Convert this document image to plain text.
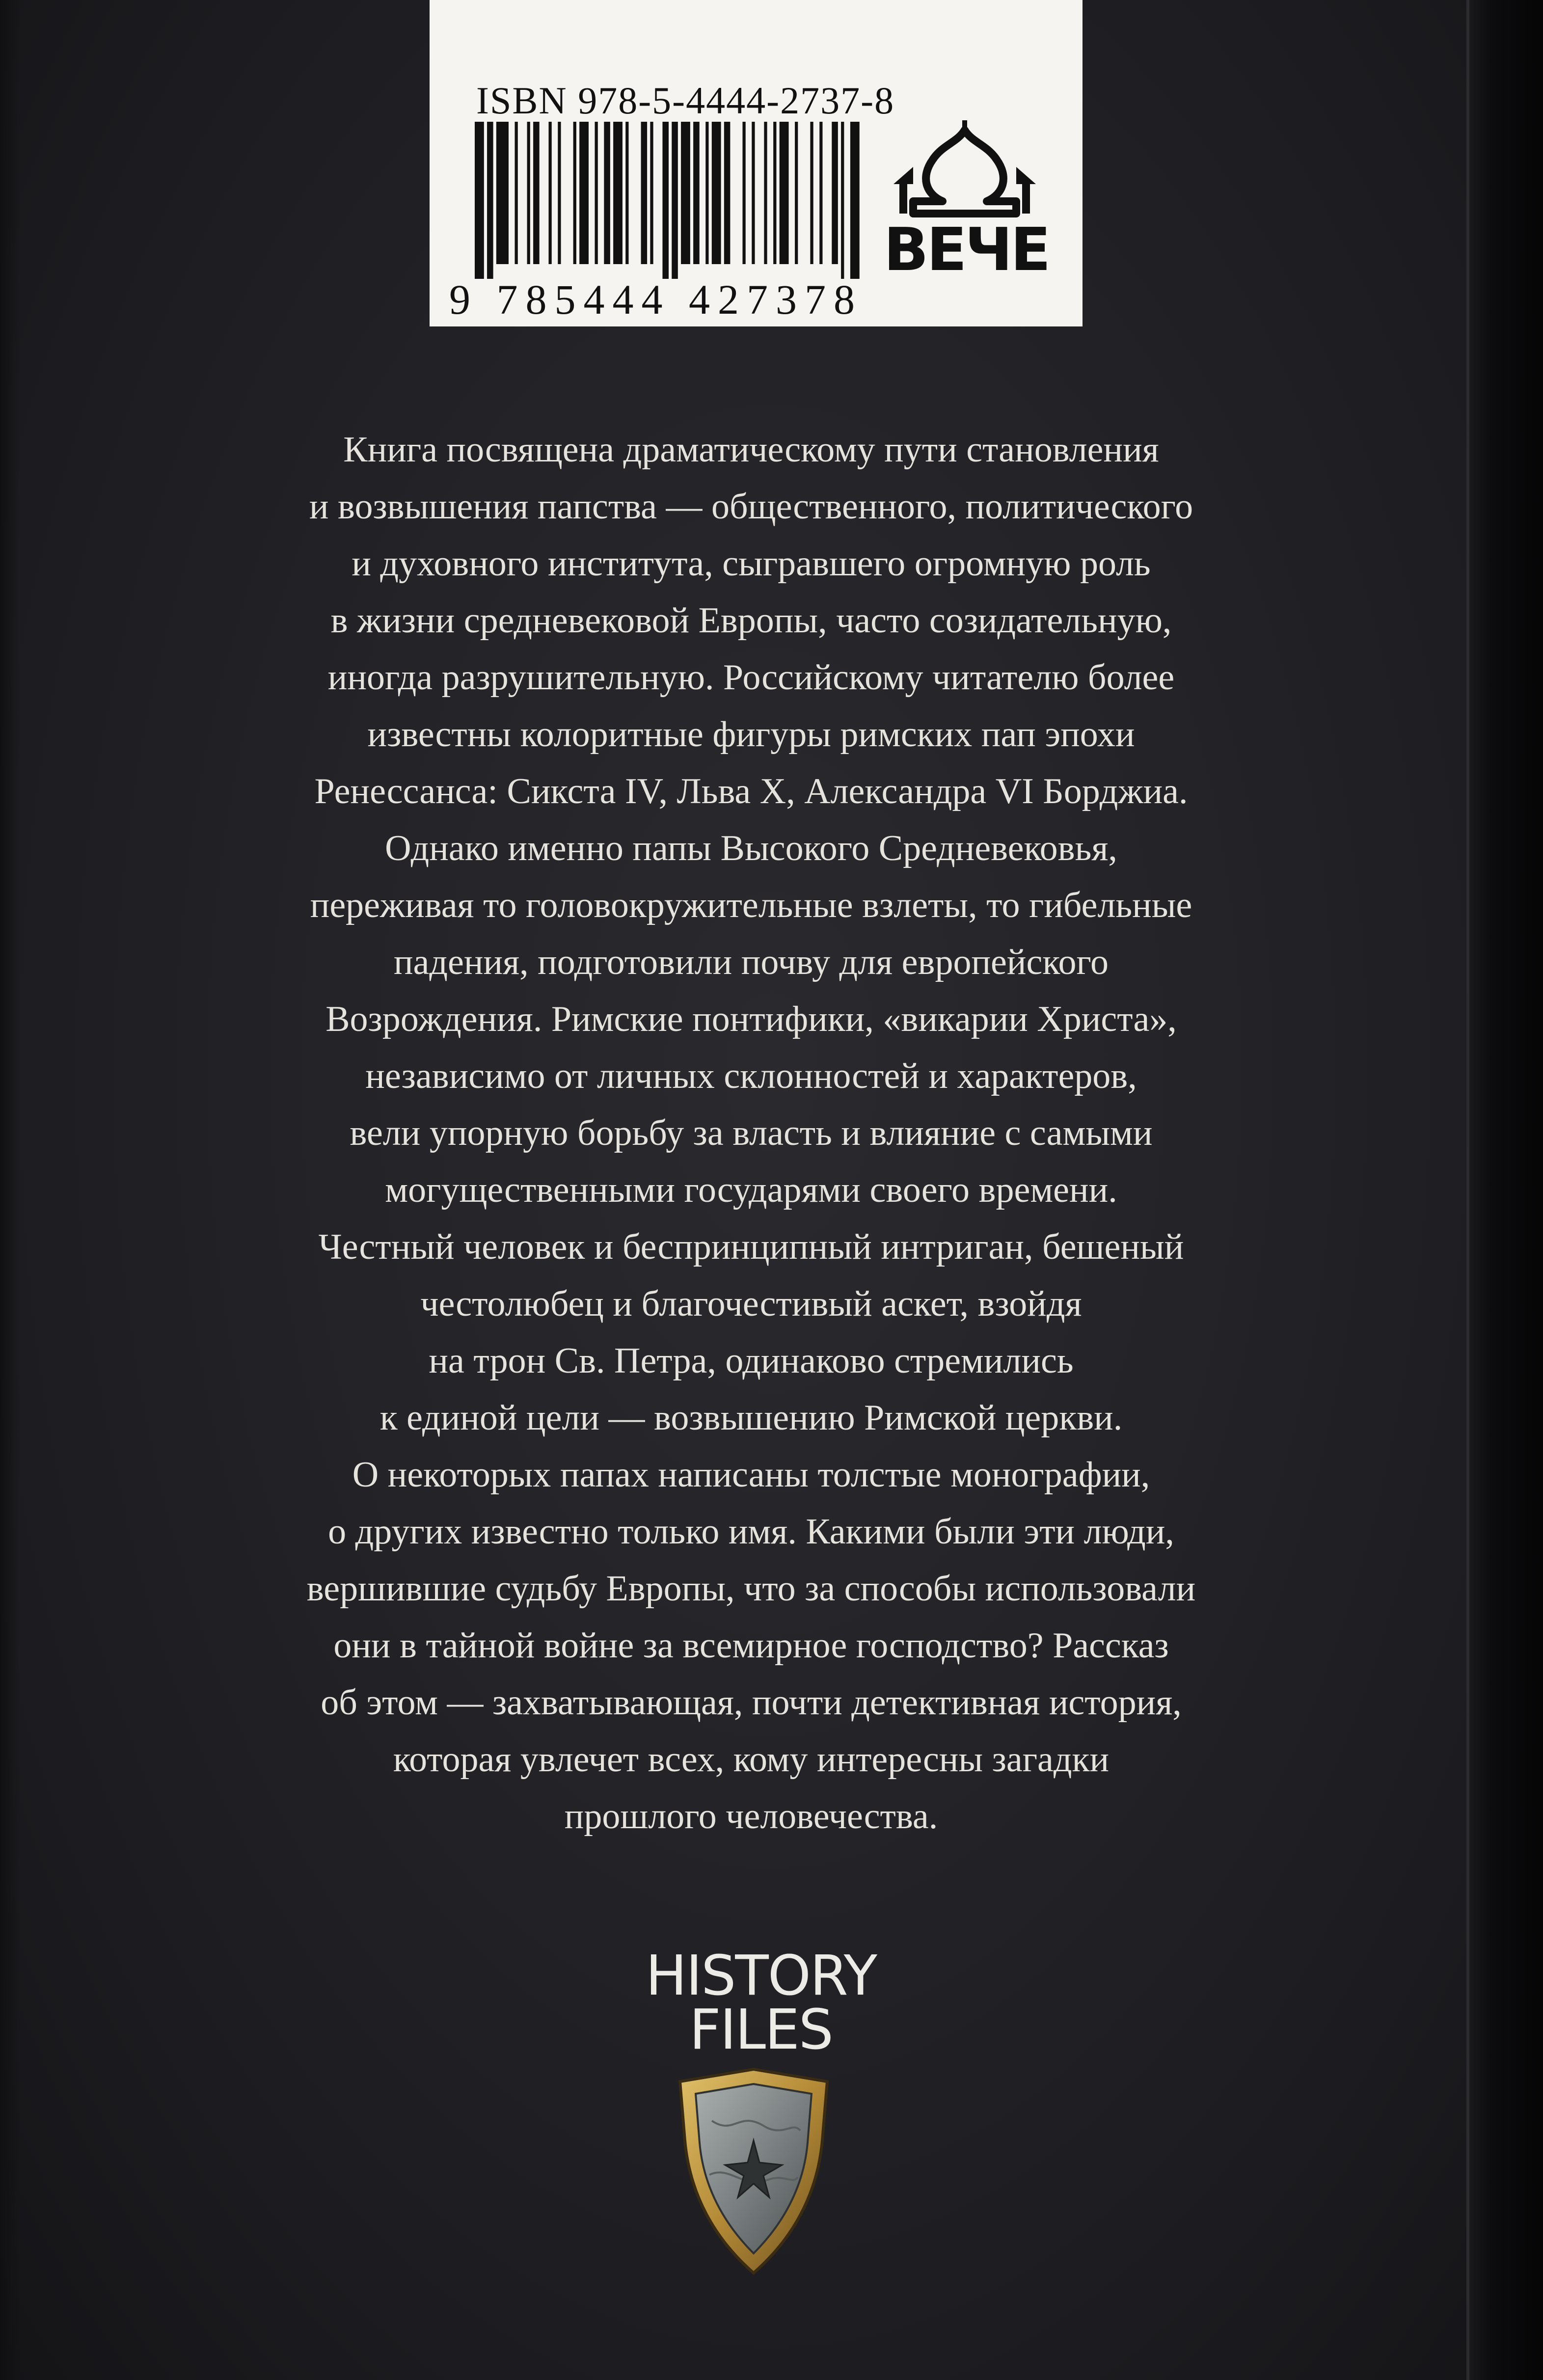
ISBN 978-5-4444-2737-8
9 785444 427378
ВЕЧЕ
Книга посвящена драматическому пути становления
и возвышения папства — общественного, политического
и духовного института, сыгравшего огромную роль
в жизни средневековой Европы, часто созидательную,
иногда разрушительную. Российскому читателю более
известны колоритные фигуры римских пап эпохи
Ренессанса: Сикста IV, Льва X, Александра VI Борджиа.
Однако именно папы Высокого Средневековья,
переживая то головокружительные взлеты, то гибельные
падения, подготовили почву для европейского
Возрождения. Римские понтифики, «викарии Христа»,
независимо от личных склонностей и характеров,
вели упорную борьбу за власть и влияние с самыми
могущественными государями своего времени.
Честный человек и беспринципный интриган, бешеный
честолюбец и благочестивый аскет, взойдя
на трон Св. Петра, одинаково стремились
к единой цели — возвышению Римской церкви.
О некоторых папах написаны толстые монографии,
о других известно только имя. Какими были эти люди,
вершившие судьбу Европы, что за способы использовали
они в тайной войне за всемирное господство? Рассказ
об этом — захватывающая, почти детективная история,
которая увлечет всех, кому интересны загадки
прошлого человечества.
HISTORY
FILES
